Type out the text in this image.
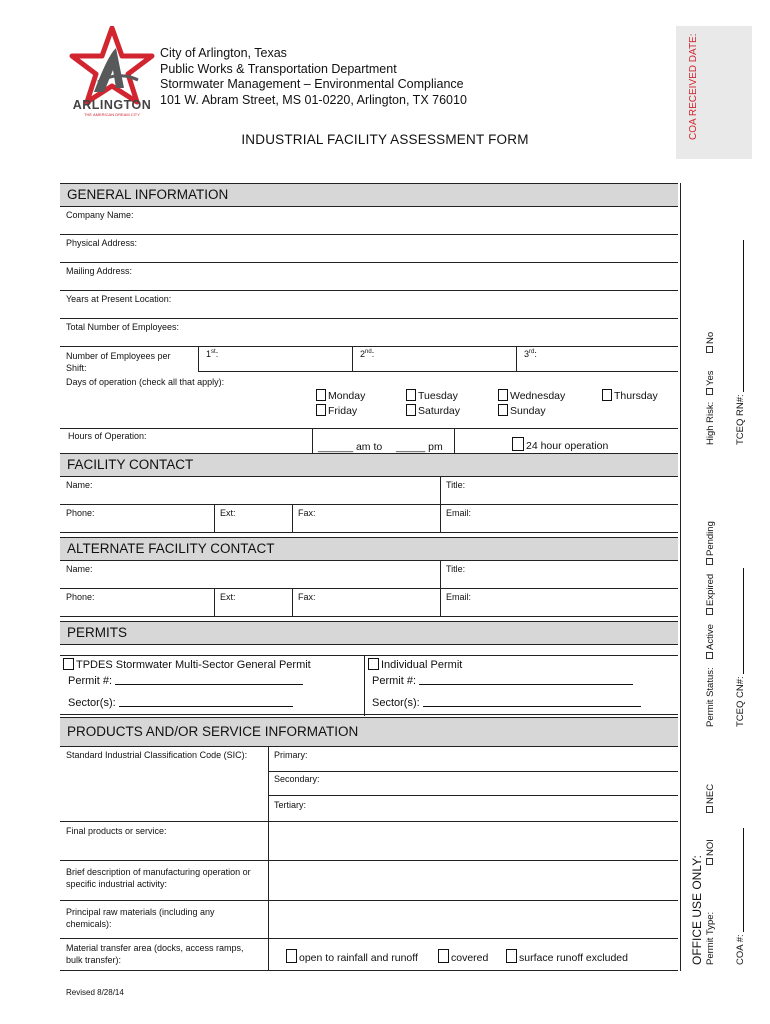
ARLINGTON
THE AMERICAN DREAM CITY
City of Arlington, Texas
Public Works & Transportation Department
Stormwater Management – Environmental Compliance
101 W. Abram Street, MS 01-0220, Arlington, TX 76010
INDUSTRIAL FACILITY ASSESSMENT FORM	COA RECEIVED DATE:
GENERAL INFORMATION
Company Name:
Physical Address:
Mailing Address:
Years at Present Location:
Total Number of Employees:
Number of Employees per
Shift:
1st:	2nd:	3rd:
Days of operation (check all that apply):
Monday	Tuesday	Wednesday	Thursday
Friday	Saturday	Sunday
Hours of Operation:
______ am to _____ pm	24 hour operation
FACILITY CONTACT
Name:	Title:
Phone:	Ext:	Fax:	Email:
ALTERNATE FACILITY CONTACT
Name:	Title:
Phone:	Ext:	Fax:	Email:
PERMITS
TPDES Stormwater Multi-Sector General Permit
Permit #:
Sector(s):
Individual Permit
Permit #:
Sector(s):
PRODUCTS AND/OR SERVICE INFORMATION
Standard Industrial Classification Code (SIC):	Primary:
Secondary:
Tertiary:
Final products or service:
Brief description of manufacturing operation or
specific industrial activity:
Principal raw materials (including any
chemicals):
Material transfer area (docks, access ramps,
bulk transfer):	open to rainfall and runoff	covered	surface runoff excluded	OFFICE USE ONLY: Permit Type:
NOI
NEC
Permit Status:
Active
Expired
Pending
High Risk:
Yes
No
COA #:
TCEQ CN#:
TCEQ RN#:
Revised 8/28/14
